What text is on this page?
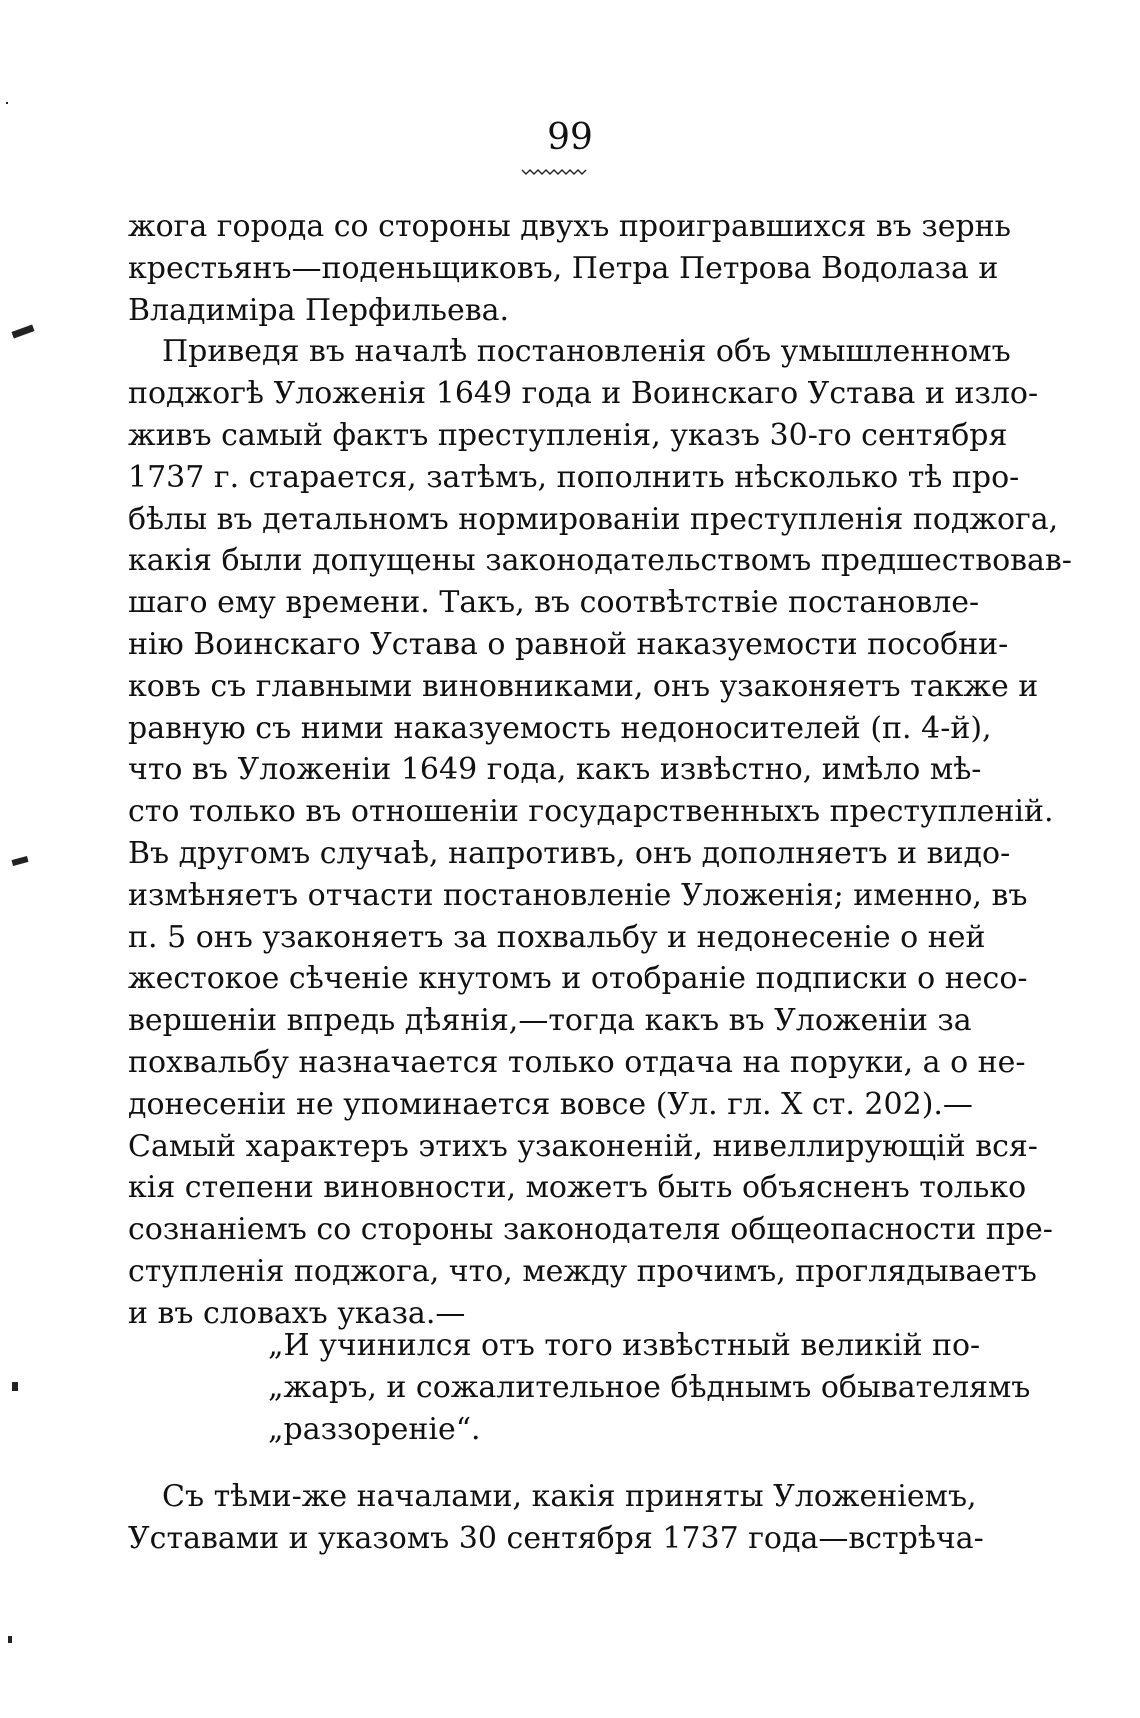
99
жога города со стороны двухъ проигравшихся въ зернь
крестьянъ—поденьщиковъ, Петра Петрова Водолаза и
Владиміра Перфильева.
Приведя въ началѣ постановленія объ умышленномъ
поджогѣ Уложенія 1649 года и Воинскаго Устава и изло-
живъ самый фактъ преступленія, указъ 30-го сентября
1737 г. старается, затѣмъ, пополнить нѣсколько тѣ про-
бѣлы въ детальномъ нормированіи преступленія поджога,
какія были допущены законодательствомъ предшествовав-
шаго ему времени. Такъ, въ соотвѣтствіе постановле-
нію Воинскаго Устава о равной наказуемости пособни-
ковъ съ главными виновниками, онъ узаконяетъ также и
равную съ ними наказуемость недоносителей (п. 4-й),
что въ Уложеніи 1649 года, какъ извѣстно, имѣло мѣ-
сто только въ отношеніи государственныхъ преступленій.
Въ другомъ случаѣ, напротивъ, онъ дополняетъ и видо-
измѣняетъ отчасти постановленіе Уложенія; именно, въ
п. 5 онъ узаконяетъ за похвальбу и недонесеніе о ней
жестокое сѣченіе кнутомъ и отобраніе подписки о несо-
вершеніи впредь дѣянія,—тогда какъ въ Уложеніи за
похвальбу назначается только отдача на поруки, а о не-
донесеніи не упоминается вовсе (Ул. гл. X ст. 202).—
Самый характеръ этихъ узаконеній, нивеллирующій вся-
кія степени виновности, можетъ быть объясненъ только
сознаніемъ со стороны законодателя общеопасности пре-
ступленія поджога, что, между прочимъ, проглядываетъ
и въ словахъ указа.—
„И учинился отъ того извѣстный великій по-
„жаръ, и сожалительное бѣднымъ обывателямъ
„раззореніе“.
Съ тѣми-же началами, какія приняты Уложеніемъ,
Уставами и указомъ 30 сентября 1737 года—встрѣча-
